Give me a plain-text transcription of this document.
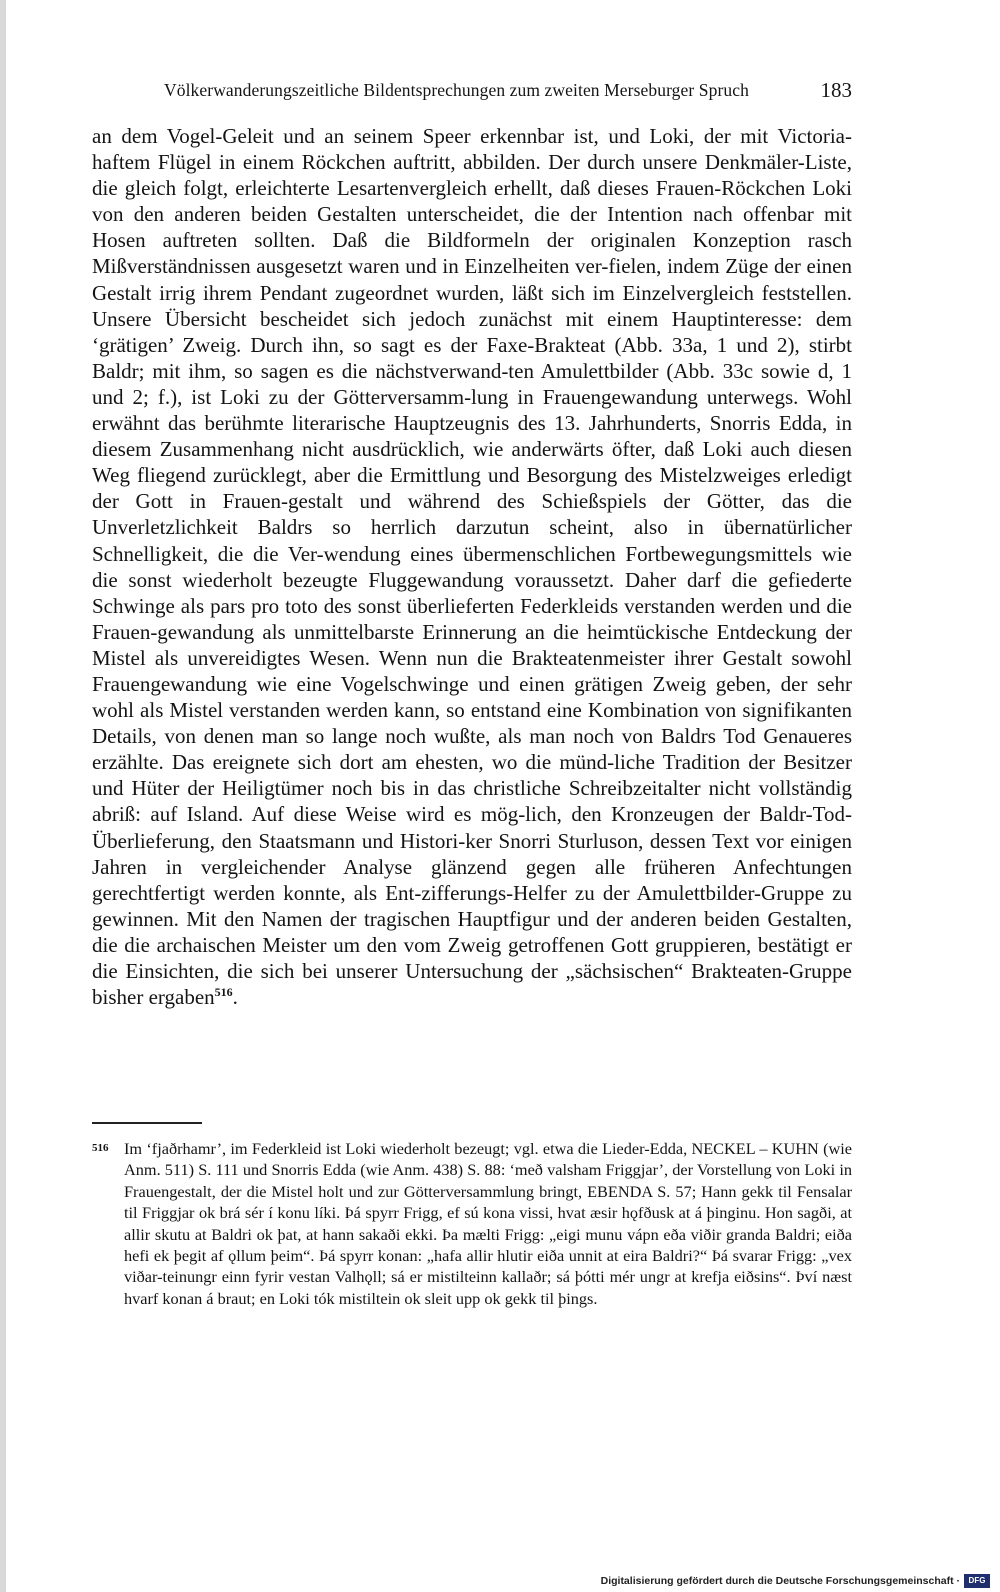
Völkerwanderungszeitliche Bildentsprechungen zum zweiten Merseburger Spruch	183

an dem Vogel-Geleit und an seinem Speer erkennbar ist, und Loki, der mit Victoria-haftem Flügel in einem Röckchen auftritt, abbilden. Der durch unsere Denkmäler-Liste, die gleich folgt, erleichterte Lesartenvergleich erhellt, daß dieses Frauen-Röckchen Loki von den anderen beiden Gestalten unterscheidet, die der Intention nach offenbar mit Hosen auftreten sollten. Daß die Bildformeln der originalen Konzeption rasch Mißverständnissen ausgesetzt waren und in Einzelheiten ver-fielen, indem Züge der einen Gestalt irrig ihrem Pendant zugeordnet wurden, läßt sich im Einzelvergleich feststellen. Unsere Übersicht bescheidet sich jedoch zunächst mit einem Hauptinteresse: dem ‘grätigen’ Zweig. Durch ihn, so sagt es der Faxe-Brakteat (Abb. 33a, 1 und 2), stirbt Baldr; mit ihm, so sagen es die nächstverwand-ten Amulettbilder (Abb. 33c sowie d, 1 und 2; f.), ist Loki zu der Götterversamm-lung in Frauengewandung unterwegs. Wohl erwähnt das berühmte literarische Hauptzeugnis des 13. Jahrhunderts, Snorris Edda, in diesem Zusammenhang nicht ausdrücklich, wie anderwärts öfter, daß Loki auch diesen Weg fliegend zurücklegt, aber die Ermittlung und Besorgung des Mistelzweiges erledigt der Gott in Frauen-gestalt und während des Schießspiels der Götter, das die Unverletzlichkeit Baldrs so herrlich darzutun scheint, also in übernatürlicher Schnelligkeit, die die Ver-wendung eines übermenschlichen Fortbewegungsmittels wie die sonst wiederholt bezeugte Fluggewandung voraussetzt. Daher darf die gefiederte Schwinge als pars pro toto des sonst überlieferten Federkleids verstanden werden und die Frauen-gewandung als unmittelbarste Erinnerung an die heimtückische Entdeckung der Mistel als unvereidigtes Wesen. Wenn nun die Brakteatenmeister ihrer Gestalt sowohl Frauengewandung wie eine Vogelschwinge und einen grätigen Zweig geben, der sehr wohl als Mistel verstanden werden kann, so entstand eine Kombination von signifikanten Details, von denen man so lange noch wußte, als man noch von Baldrs Tod Genaueres erzählte. Das ereignete sich dort am ehesten, wo die münd-liche Tradition der Besitzer und Hüter der Heiligtümer noch bis in das christliche Schreibzeitalter nicht vollständig abriß: auf Island. Auf diese Weise wird es mög-lich, den Kronzeugen der Baldr-Tod-Überlieferung, den Staatsmann und Histori-ker Snorri Sturluson, dessen Text vor einigen Jahren in vergleichender Analyse glänzend gegen alle früheren Anfechtungen gerechtfertigt werden konnte, als Ent-zifferungs-Helfer zu der Amulettbilder-Gruppe zu gewinnen. Mit den Namen der tragischen Hauptfigur und der anderen beiden Gestalten, die die archaischen Meister um den vom Zweig getroffenen Gott gruppieren, bestätigt er die Einsichten, die sich bei unserer Untersuchung der „sächsischen“ Brakteaten-Gruppe bisher ergaben$^{516}$.

516 Im ‘fjaðrhamr’, im Federkleid ist Loki wiederholt bezeugt; vgl. etwa die Lieder-Edda, NECKEL – KUHN (wie Anm. 511) S. 111 und Snorris Edda (wie Anm. 438) S. 88: ‘með valsham Friggjar’, der Vorstellung von Loki in Frauengestalt, der die Mistel holt und zur Götterversammlung bringt, EBENDA S. 57; Hann gekk til Fensalar til Friggjar ok brá sér í konu líki. Þá spyrr Frigg, ef sú kona vissi, hvat æsir hǫfðusk at á þinginu. Hon sagði, at allir skutu at Baldri ok þat, at hann sakaði ekki. Þa mælti Frigg: „eigi munu vápn eða viðir granda Baldri; eiða hefi ek þegit af ǫllum þeim“. Þá spyrr konan: „hafa allir hlutir eiða unnit at eira Baldri?“ Þá svarar Frigg: „vex viðar-teinungr einn fyrir vestan Valhǫll; sá er mistilteinn kallaðr; sá þótti mér ungr at krefja eiðsins“. Því næst hvarf konan á braut; en Loki tók mistiltein ok sleit upp ok gekk til þings.

Digitalisierung gefördert durch die Deutsche Forschungsgemeinschaft ·	DFG
